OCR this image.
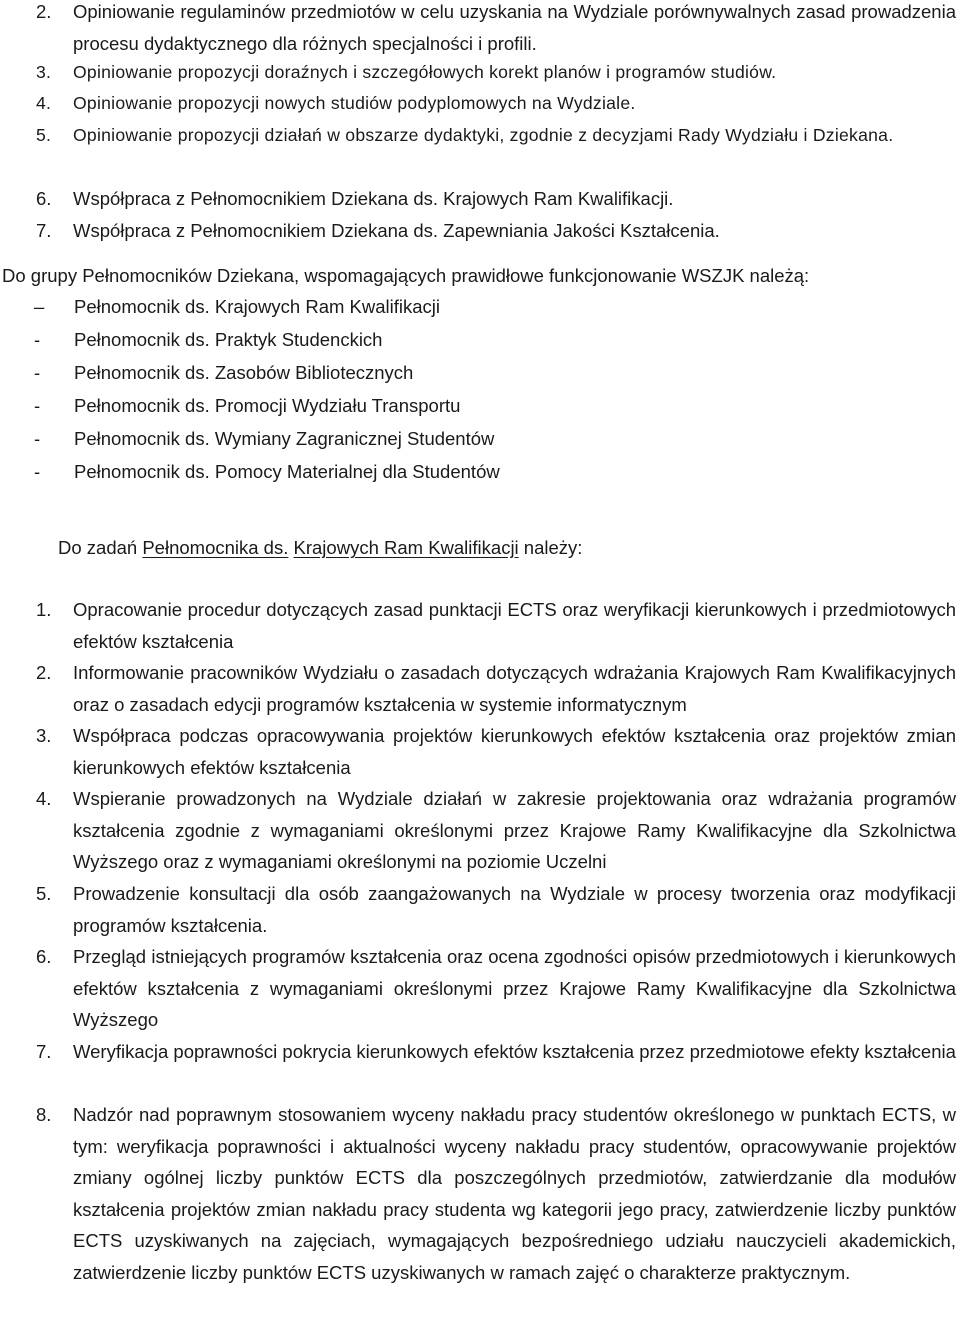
2.	Opiniowanie regulaminów przedmiotów w celu uzyskania na Wydziale porównywalnych zasad prowadzenia procesu dydaktycznego dla różnych specjalności i profili.
3.	Opiniowanie propozycji doraźnych i szczegółowych korekt planów i programów studiów.
4.	Opiniowanie propozycji nowych studiów podyplomowych na Wydziale.
5.	Opiniowanie propozycji działań w obszarze dydaktyki, zgodnie z decyzjami Rady Wydziału i Dziekana.
6.	Współpraca z Pełnomocnikiem Dziekana ds. Krajowych Ram Kwalifikacji.
7.	Współpraca z Pełnomocnikiem Dziekana ds. Zapewniania Jakości Kształcenia.
Do grupy Pełnomocników Dziekana, wspomagających prawidłowe funkcjonowanie WSZJK należą:
–	Pełnomocnik ds. Krajowych Ram Kwalifikacji
-	Pełnomocnik ds. Praktyk Studenckich
-	Pełnomocnik ds. Zasobów Bibliotecznych
-	Pełnomocnik ds. Promocji Wydziału Transportu
-	Pełnomocnik ds. Wymiany Zagranicznej Studentów
-	Pełnomocnik ds. Pomocy Materialnej dla Studentów
Do zadań Pełnomocnika ds. Krajowych Ram Kwalifikacji należy:
1.	Opracowanie procedur dotyczących zasad punktacji ECTS oraz weryfikacji kierunkowych i przedmiotowych efektów kształcenia
2.	Informowanie pracowników Wydziału o zasadach dotyczących wdrażania Krajowych Ram Kwalifikacyjnych oraz o zasadach edycji programów kształcenia w systemie informatycznym
3.	Współpraca podczas opracowywania projektów kierunkowych efektów kształcenia oraz projektów zmian kierunkowych efektów kształcenia
4.	Wspieranie prowadzonych na Wydziale działań w zakresie projektowania oraz wdrażania programów kształcenia zgodnie z wymaganiami określonymi przez Krajowe Ramy Kwalifikacyjne dla Szkolnictwa Wyższego oraz z wymaganiami określonymi na poziomie Uczelni
5.	Prowadzenie konsultacji dla osób zaangażowanych na Wydziale w procesy tworzenia oraz modyfikacji programów kształcenia.
6.	Przegląd istniejących programów kształcenia oraz ocena zgodności opisów przedmiotowych i kierunkowych efektów kształcenia z wymaganiami określonymi przez Krajowe Ramy Kwalifikacyjne dla Szkolnictwa Wyższego
7.	Weryfikacja poprawności pokrycia kierunkowych efektów kształcenia przez przedmiotowe efekty kształcenia
8.	Nadzór nad poprawnym stosowaniem wyceny nakładu pracy studentów określonego w punktach ECTS, w tym: weryfikacja poprawności i aktualności wyceny nakładu pracy studentów, opracowywanie projektów zmiany ogólnej liczby punktów ECTS dla poszczególnych przedmiotów, zatwierdzanie dla modułów kształcenia projektów zmian nakładu pracy studenta wg kategorii jego pracy, zatwierdzenie liczby punktów ECTS uzyskiwanych na zajęciach, wymagających bezpośredniego udziału nauczycieli akademickich, zatwierdzenie liczby punktów ECTS uzyskiwanych w ramach zajęć o charakterze praktycznym.
